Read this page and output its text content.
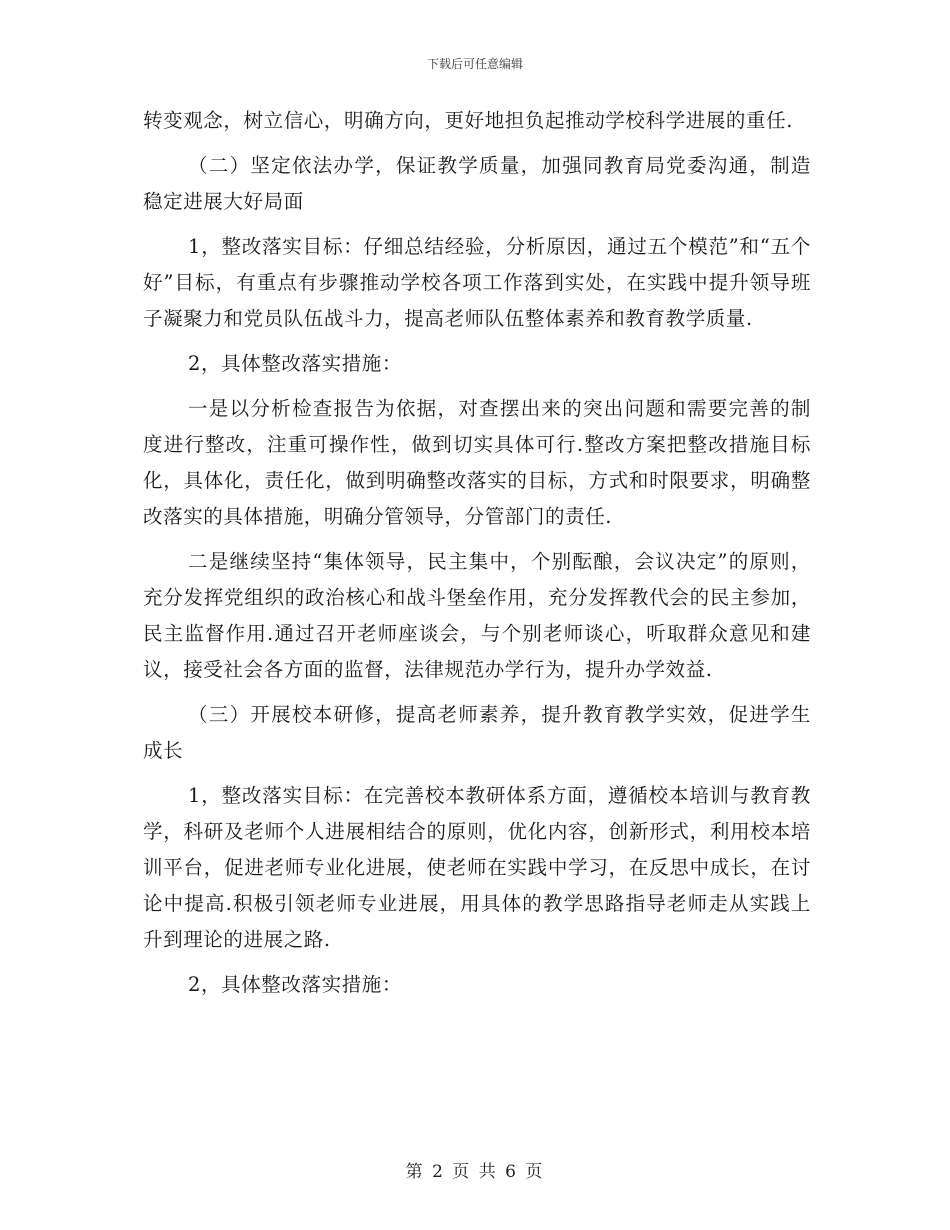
下载后可任意编辑

转变观念，树立信心，明确方向，更好地担负起推动学校科学进展的重任.

（二）坚定依法办学，保证教学质量，加强同教育局党委沟通，制造稳定进展大好局面

1，整改落实目标：仔细总结经验，分析原因，通过五个模范”和“五个好”目标，有重点有步骤推动学校各项工作落到实处，在实践中提升领导班子凝聚力和党员队伍战斗力，提高老师队伍整体素养和教育教学质量.

2，具体整改落实措施：

一是以分析检查报告为依据，对查摆出来的突出问题和需要完善的制度进行整改，注重可操作性，做到切实具体可行.整改方案把整改措施目标化，具体化，责任化，做到明确整改落实的目标，方式和时限要求，明确整改落实的具体措施，明确分管领导，分管部门的责任.

二是继续坚持“集体领导，民主集中，个别酝酿，会议决定”的原则，充分发挥党组织的政治核心和战斗堡垒作用，充分发挥教代会的民主参加，民主监督作用.通过召开老师座谈会，与个别老师谈心，听取群众意见和建议，接受社会各方面的监督，法律规范办学行为，提升办学效益.

（三）开展校本研修，提高老师素养，提升教育教学实效，促进学生成长

1，整改落实目标：在完善校本教研体系方面，遵循校本培训与教育教学，科研及老师个人进展相结合的原则，优化内容，创新形式，利用校本培训平台，促进老师专业化进展，使老师在实践中学习，在反思中成长，在讨论中提高.积极引领老师专业进展，用具体的教学思路指导老师走从实践上升到理论的进展之路.

2，具体整改落实措施：

第 2 页 共 6 页
